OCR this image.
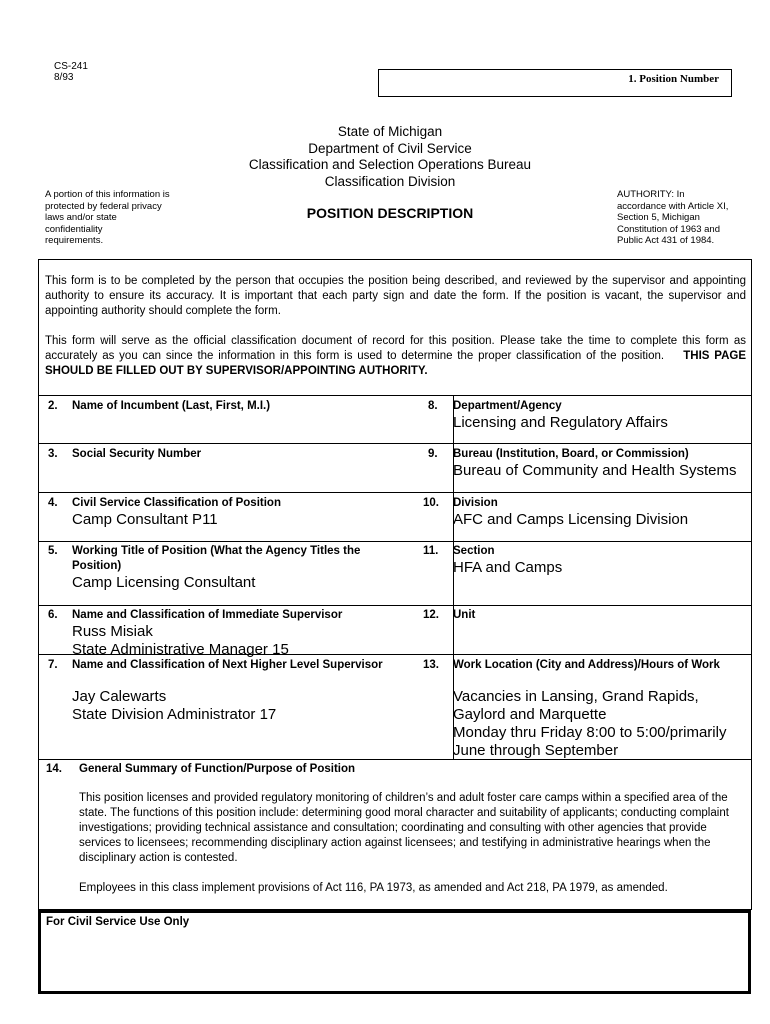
CS-241
8/93	1. Position Number
State of Michigan
Department of Civil Service
Classification and Selection Operations Bureau
Classification Division
A portion of this information is
protected by federal privacy
laws and/or state
confidentiality
requirements.
POSITION DESCRIPTION
AUTHORITY: In
accordance with Article XI,
Section 5, Michigan
Constitution of 1963 and
Public Act 431 of 1984.
This form is to be completed by the person that occupies the position being described, and reviewed by the supervisor and appointing authority to ensure its accuracy. It is important that each party sign and date the form. If the position is vacant, the supervisor and appointing authority should complete the form.
This form will serve as the official classification document of record for this position. Please take the time to complete this form as accurately as you can since the information in this form is used to determine the proper classification of the position. THIS PAGE SHOULD BE FILLED OUT BY SUPERVISOR/APPOINTING AUTHORITY.
2. Name of Incumbent (Last, First, M.I.)	8. Department/Agency
Licensing and Regulatory Affairs
3. Social Security Number	9. Bureau (Institution, Board, or Commission)
Bureau of Community and Health Systems
4. Civil Service Classification of Position
Camp Consultant P11
10. Division
AFC and Camps Licensing Division
5. Working Title of Position (What the Agency Titles the Position)
Camp Licensing Consultant
11. Section
HFA and Camps
6. Name and Classification of Immediate Supervisor
Russ Misiak
State Administrative Manager 15
12. Unit
7. Name and Classification of Next Higher Level Supervisor
Jay Calewarts
State Division Administrator 17
13. Work Location (City and Address)/Hours of Work
Vacancies in Lansing, Grand Rapids,
Gaylord and Marquette
Monday thru Friday 8:00 to 5:00/primarily
June through September
14. General Summary of Function/Purpose of Position
This position licenses and provided regulatory monitoring of children’s and adult foster care camps within a specified area of the state. The functions of this position include: determining good moral character and suitability of applicants; conducting complaint investigations; providing technical assistance and consultation; coordinating and consulting with other agencies that provide services to licensees; recommending disciplinary action against licensees; and testifying in administrative hearings when the disciplinary action is contested.
Employees in this class implement provisions of Act 116, PA 1973, as amended and Act 218, PA 1979, as amended.
For Civil Service Use Only
